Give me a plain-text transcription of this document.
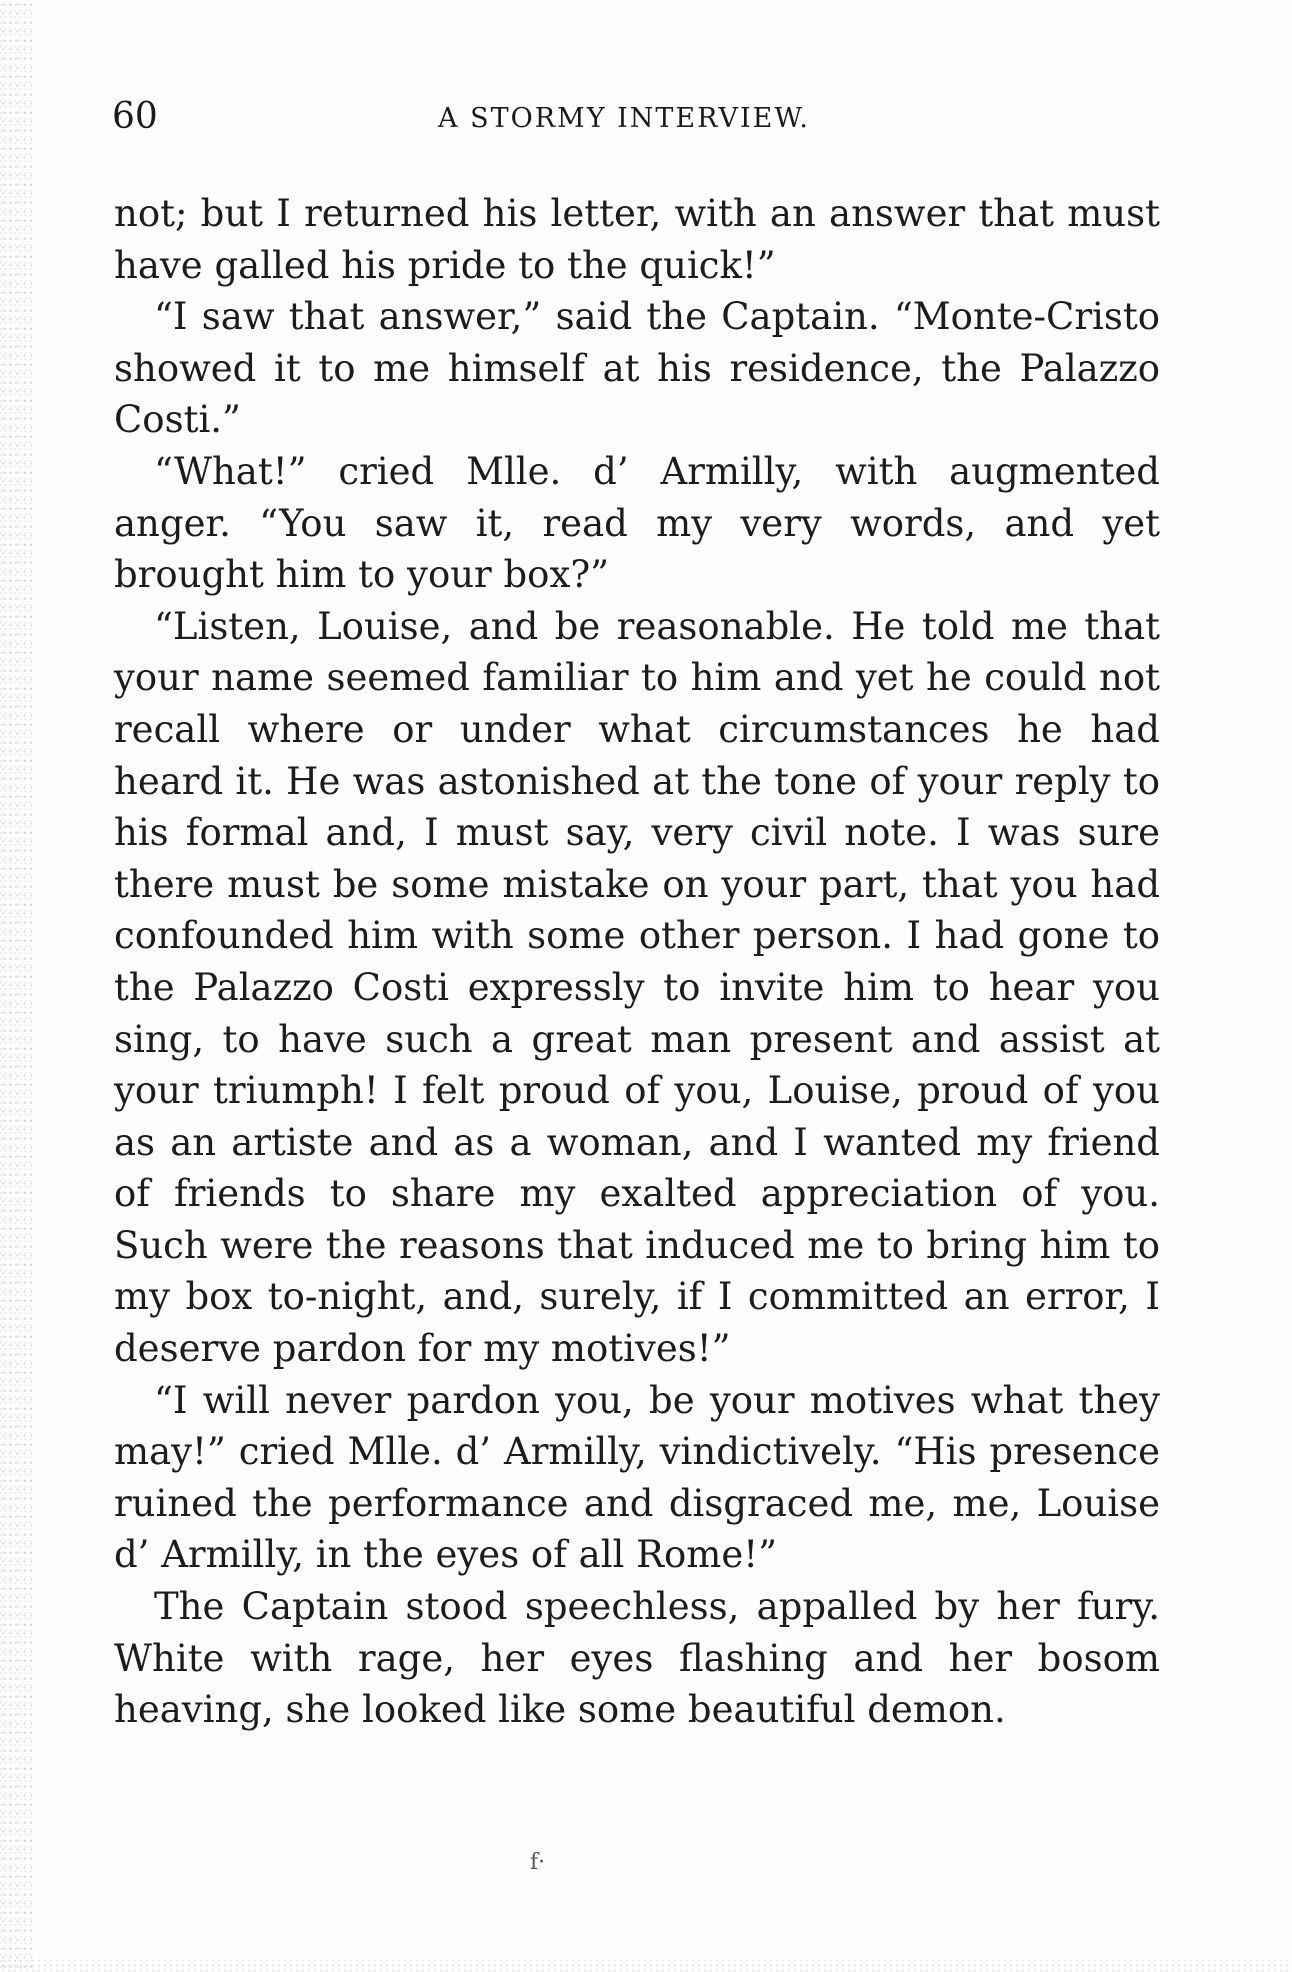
60	A STORMY INTERVIEW.

not; but I returned his letter, with an answer that must have galled his pride to the quick!”

“I saw that answer,” said the Captain. “Monte-Cristo showed it to me himself at his residence, the Palazzo Costi.”

“What!” cried Mlle. d’ Armilly, with augmented anger. “You saw it, read my very words, and yet brought him to your box?”

“Listen, Louise, and be reasonable. He told me that your name seemed familiar to him and yet he could not recall where or under what circumstances he had heard it. He was astonished at the tone of your reply to his formal and, I must say, very civil note. I was sure there must be some mistake on your part, that you had confounded him with some other person. I had gone to the Palazzo Costi expressly to invite him to hear you sing, to have such a great man present and assist at your triumph! I felt proud of you, Louise, proud of you as an artiste and as a woman, and I wanted my friend of friends to share my exalted appreciation of you. Such were the reasons that induced me to bring him to my box to-night, and, surely, if I committed an error, I deserve pardon for my motives!”

“I will never pardon you, be your motives what they may!” cried Mlle. d’ Armilly, vindictively. “His presence ruined the performance and disgraced me, me, Louise d’ Armilly, in the eyes of all Rome!”

The Captain stood speechless, appalled by her fury. White with rage, her eyes flashing and her bosom heaving, she looked like some beautiful demon.

f·
